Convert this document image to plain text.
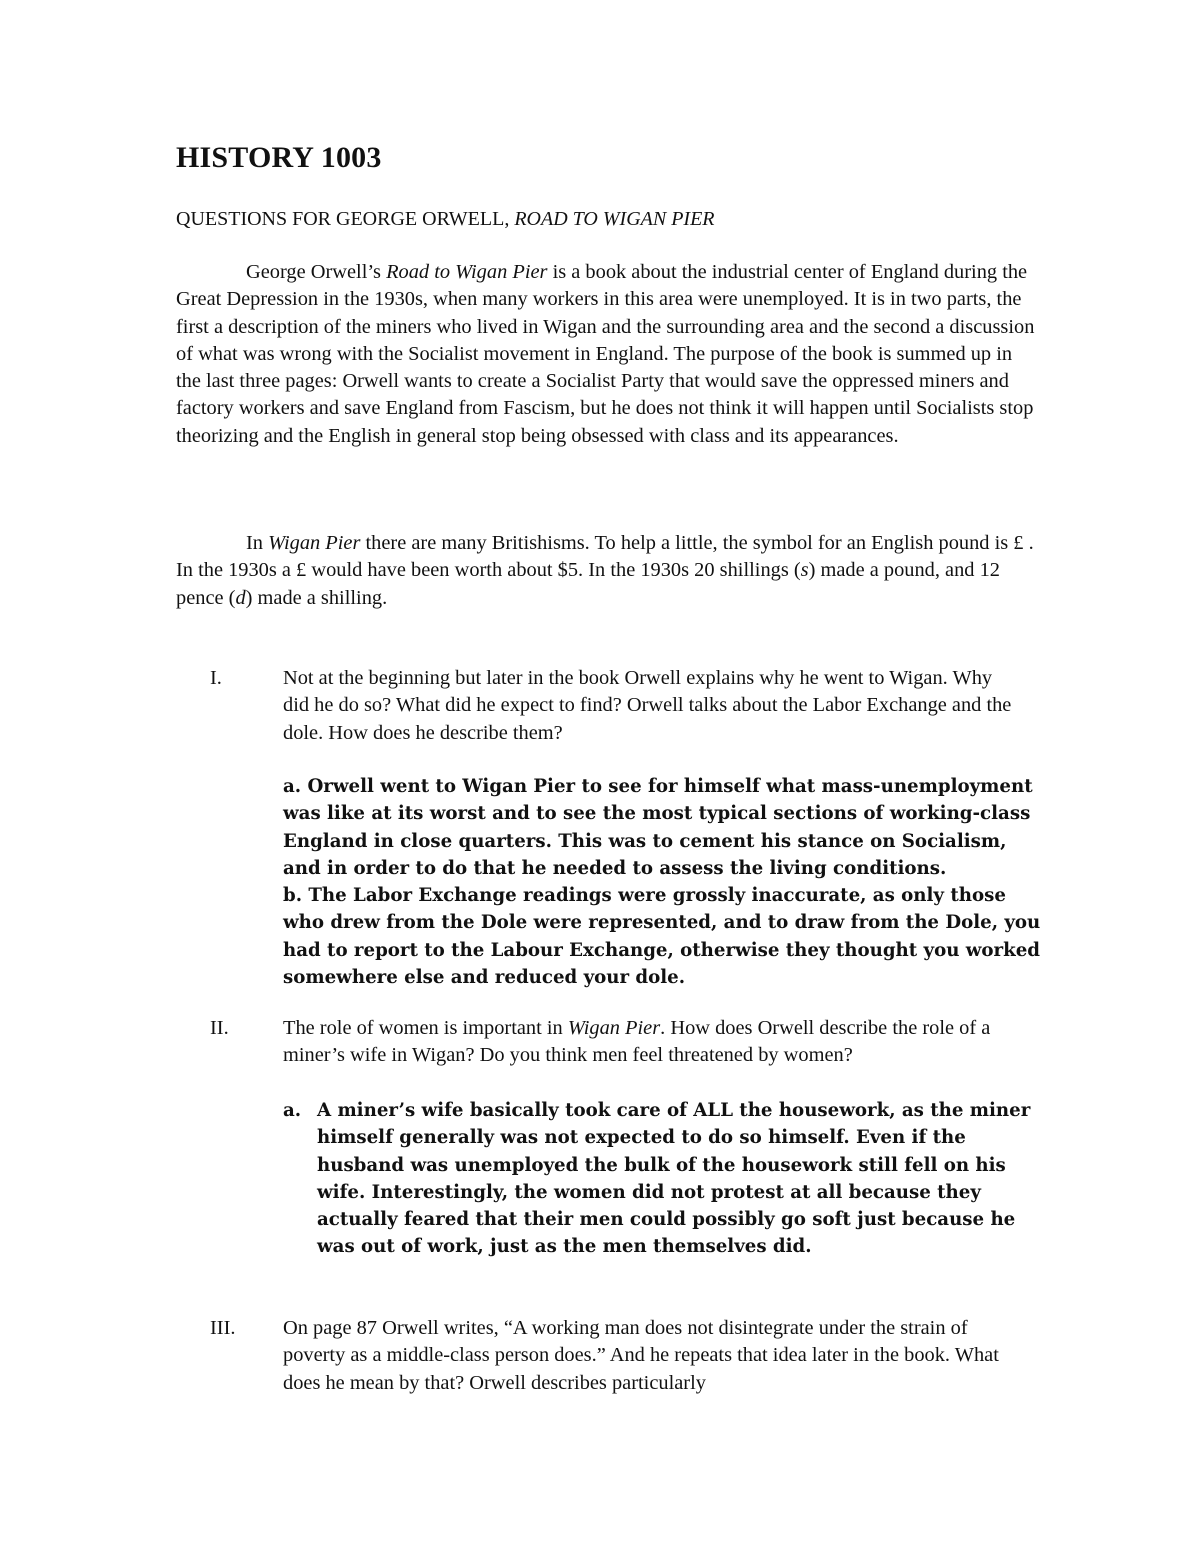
HISTORY 1003

QUESTIONS FOR GEORGE ORWELL, ROAD TO WIGAN PIER

George Orwell’s Road to Wigan Pier is a book about the industrial center of England during the Great Depression in the 1930s, when many workers in this area were unemployed. It is in two parts, the first a description of the miners who lived in Wigan and the surrounding area and the second a discussion of what was wrong with the Socialist movement in England. The purpose of the book is summed up in the last three pages: Orwell wants to create a Socialist Party that would save the oppressed miners and factory workers and save England from Fascism, but he does not think it will happen until Socialists stop theorizing and the English in general stop being obsessed with class and its appearances.

In Wigan Pier there are many Britishisms. To help a little, the symbol for an English pound is £ . In the 1930s a £ would have been worth about $5. In the 1930s 20 shillings (s) made a pound, and 12 pence (d) made a shilling.

I.	Not at the beginning but later in the book Orwell explains why he went to Wigan. Why did he do so? What did he expect to find? Orwell talks about the Labor Exchange and the dole. How does he describe them?

a. Orwell went to Wigan Pier to see for himself what mass-unemployment was like at its worst and to see the most typical sections of working-class England in close quarters. This was to cement his stance on Socialism, and in order to do that he needed to assess the living conditions.

b. The Labor Exchange readings were grossly inaccurate, as only those who drew from the Dole were represented, and to draw from the Dole, you had to report to the Labour Exchange, otherwise they thought you worked somewhere else and reduced your dole.

II.	The role of women is important in Wigan Pier. How does Orwell describe the role of a miner’s wife in Wigan? Do you think men feel threatened by women?

a. A miner’s wife basically took care of ALL the housework, as the miner himself generally was not expected to do so himself. Even if the husband was unemployed the bulk of the housework still fell on his wife. Interestingly, the women did not protest at all because they actually feared that their men could possibly go soft just because he was out of work, just as the men themselves did.

III. On page 87 Orwell writes, “A working man does not disintegrate under the strain of poverty as a middle-class person does.” And he repeats that idea later in the book. What does he mean by that? Orwell describes particularly
